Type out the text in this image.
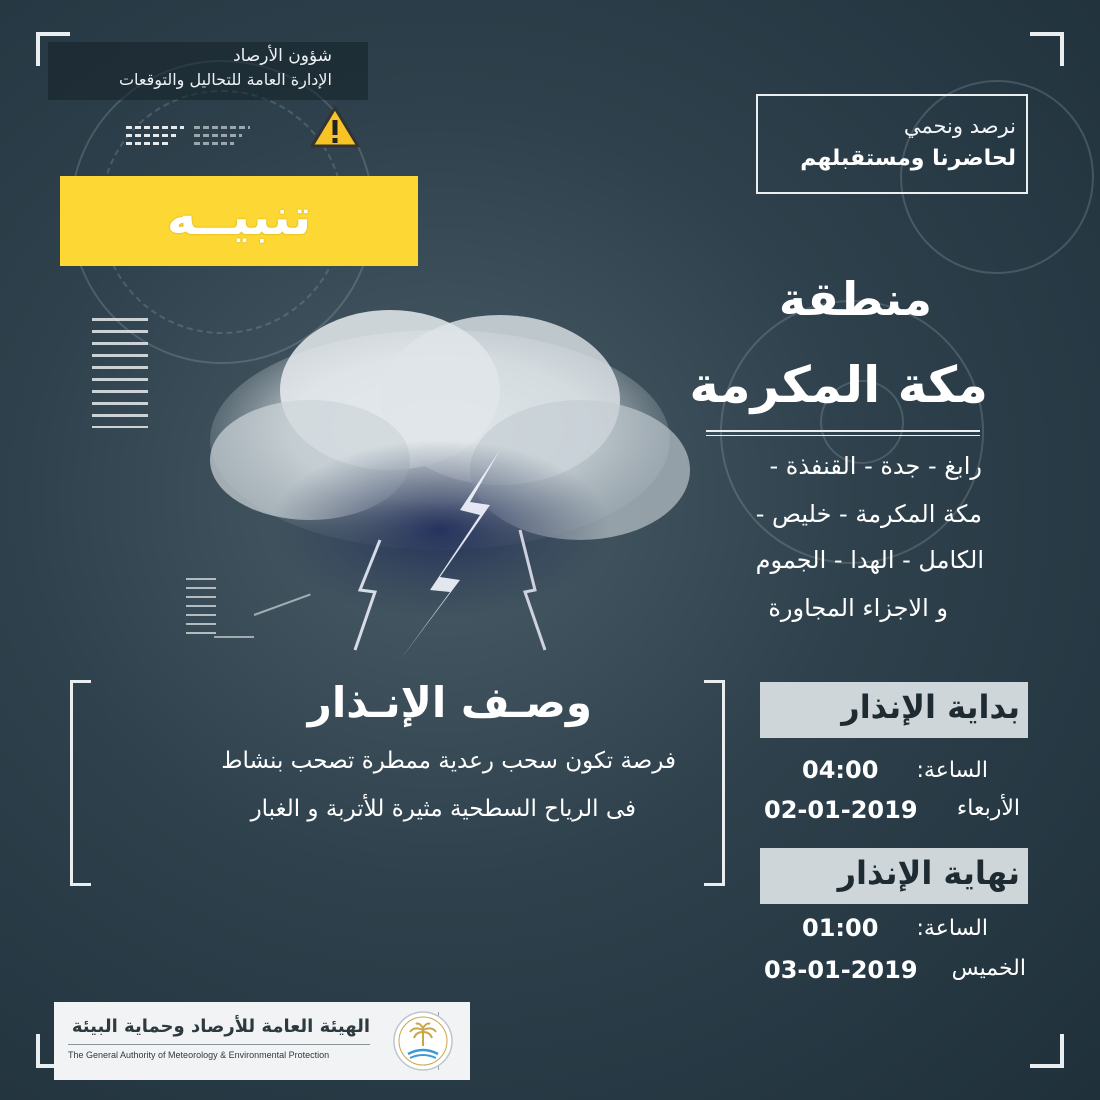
شؤون الأرصاد
الإدارة العامة للتحاليل والتوقعات
نرصد ونحمي
لحاضرنا ومستقبلهم
تنبيــه
منطقة
مكة المكرمة
رابغ - جدة - القنفذة -
مكة المكرمة - خليص -
الكامل - الهدا - الجموم
و الاجزاء المجاورة
وصـف الإنـذار
فرصة تكون سحب رعدية ممطرة تصحب بنشاط
فى الرياح السطحية مثيرة للأتربة و الغبار
بداية الإنذار
الساعة:
04:00
الأربعاء
02-01-2019
نهاية الإنذار
الساعة:
01:00
الخميس
03-01-2019
الهيئة العامة للأرصاد وحماية البيئة
The General Authority of Meteorology & Environmental Protection
